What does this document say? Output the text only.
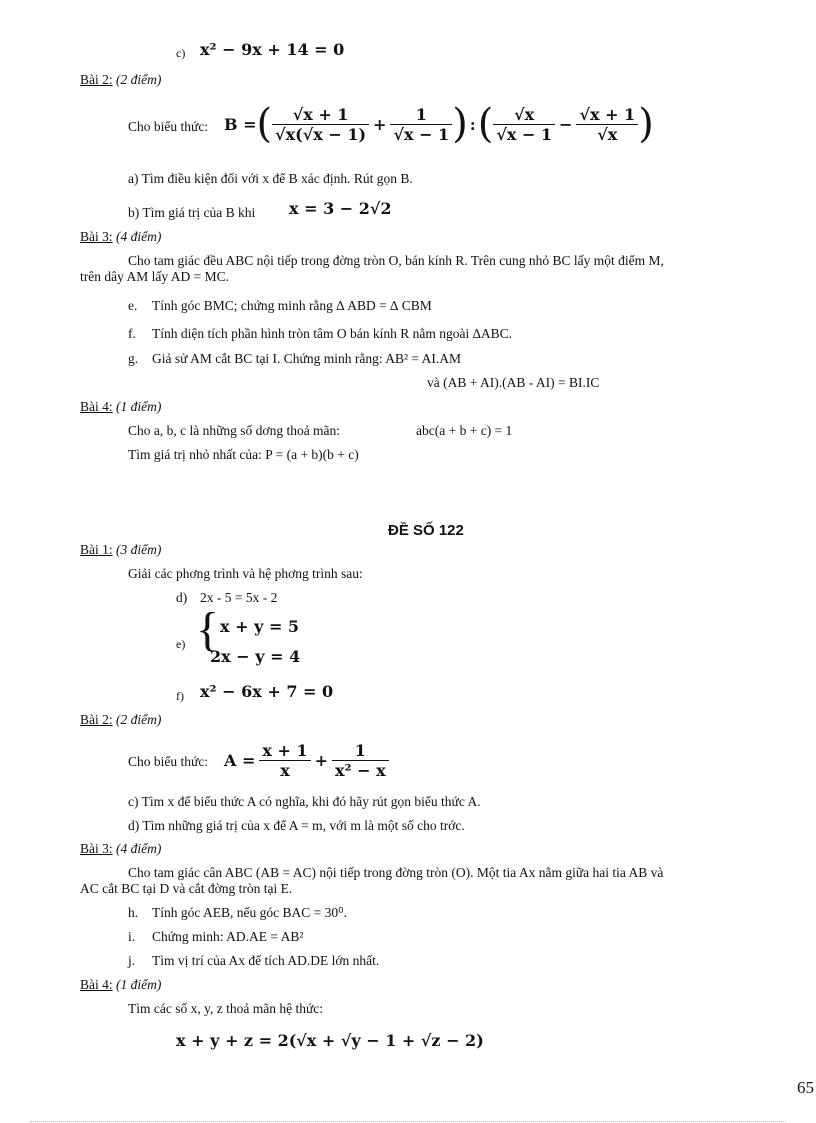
c) x² − 9x + 14 = 0
Bài 2: (2 điểm)
Cho biểu thức: B = ( $\frac{√x + 1}{√x(√x - 1)} + \frac{1}{√x - 1}$ ) : ( $\frac{√x}{√x - 1} - \frac{√x + 1}{√x}$ )
a) Tìm điều kiện đối với x để B xác định. Rút gọn B.
b) Tìm giá trị của B khi x = 3 − 2√2
Bài 3: (4 điểm)
Cho tam giác đều ABC nội tiếp trong đờng tròn O, bán kính R. Trên cung nhỏ BC lấy một điểm M,
trên dây AM lấy AD = MC.
e. Tính góc BMC; chứng minh rằng ∆ ABD = ∆ CBM
f. Tính diện tích phần hình tròn tâm O bán kính R nằm ngoài ∆ABC.
g. Giả sử AM cắt BC tại I. Chứng minh rằng: AB² = AI.AM
và (AB + AI).(AB - AI) = BI.IC
Bài 4: (1 điểm)
Cho a, b, c là những số dơng thoả mãn:	abc(a + b + c) = 1
Tìm giá trị nhỏ nhất của: P = (a + b)(b + c)
ĐỀ SỐ 122
Bài 1: (3 điểm)
Giải các phơng trình và hệ phơng trình sau:
d) 2x - 5 = 5x - 2
e) { x + y = 5
2x − y = 4
f) x² − 6x + 7 = 0
Bài 2: (2 điểm)
Cho biểu thức: $A = \frac{x + 1}{x} + \frac{1}{\text{x² − x}}$
c) Tìm x để biểu thức A có nghĩa, khi đó hãy rút gọn biểu thức A.
d) Tìm những giá trị của x để A = m, với m là một số cho trớc.
Bài 3: (4 điểm)
Cho tam giác cân ABC (AB = AC) nội tiếp trong đờng tròn (O). Một tia Ax nằm giữa hai tia AB và
AC cắt BC tại D và cắt đờng tròn tại E.
h. Tính góc AEB, nếu góc BAC = 30⁰.
i. Chứng minh: AD.AE = AB²
j. Tìm vị trí của Ax để tích AD.DE lớn nhất.
Bài 4: (1 điểm)
Tìm các số x, y, z thoả mãn hệ thức:
x + y + z = 2(√x + √y − 1 + √z − 2)
65
